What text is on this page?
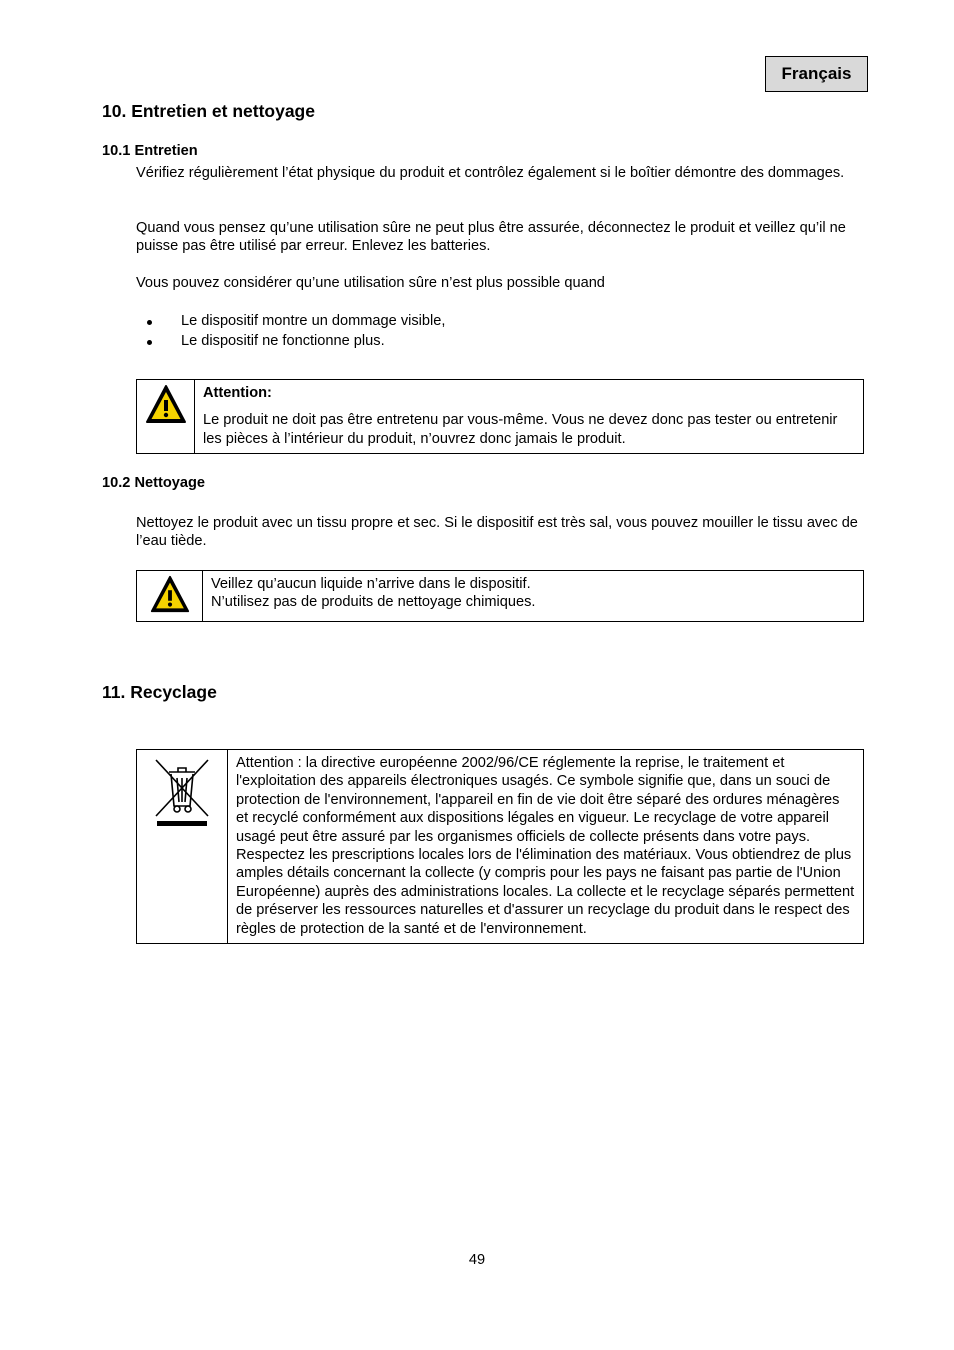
Français
10. Entretien et nettoyage
10.1 Entretien
Vérifiez régulièrement l’état physique du produit et contrôlez également si le boîtier démontre des dommages.
Quand vous pensez qu’une utilisation sûre ne peut plus être assurée, déconnectez le produit et veillez qu’il ne puisse pas être utilisé par erreur. Enlevez les batteries.
Vous pouvez considérer qu’une utilisation sûre n’est plus possible quand
Le dispositif montre un dommage visible,
Le dispositif ne fonctionne plus.

Attention:
Le produit ne doit pas être entretenu par vous-même. Vous ne devez donc pas tester ou entretenir les pièces à l’intérieur du produit, n’ouvrez donc jamais le produit.
10.2 Nettoyage
Nettoyez le produit avec un tissu propre et sec. Si le dispositif est très sal, vous pouvez mouiller le tissu avec de l’eau tiède.

Veillez qu’aucun liquide n’arrive dans le dispositif.
N’utilisez pas de produits de nettoyage chimiques.
11. Recyclage

Attention : la directive européenne 2002/96/CE réglemente la reprise, le traitement et l'exploitation des appareils électroniques usagés. Ce symbole signifie que, dans un souci de protection de l'environnement, l'appareil en fin de vie doit être séparé des ordures ménagères et recyclé conformément aux dispositions légales en vigueur. Le recyclage de votre appareil usagé peut être assuré par les organismes officiels de collecte présents dans votre pays. Respectez les prescriptions locales lors de l'élimination des matériaux. Vous obtiendrez de plus amples détails concernant la collecte (y compris pour les pays ne faisant pas partie de l'Union Européenne) auprès des administrations locales. La collecte et le recyclage séparés permettent de préserver les ressources naturelles et d'assurer un recyclage du produit dans le respect des règles de protection de la santé et de l'environnement.
49
